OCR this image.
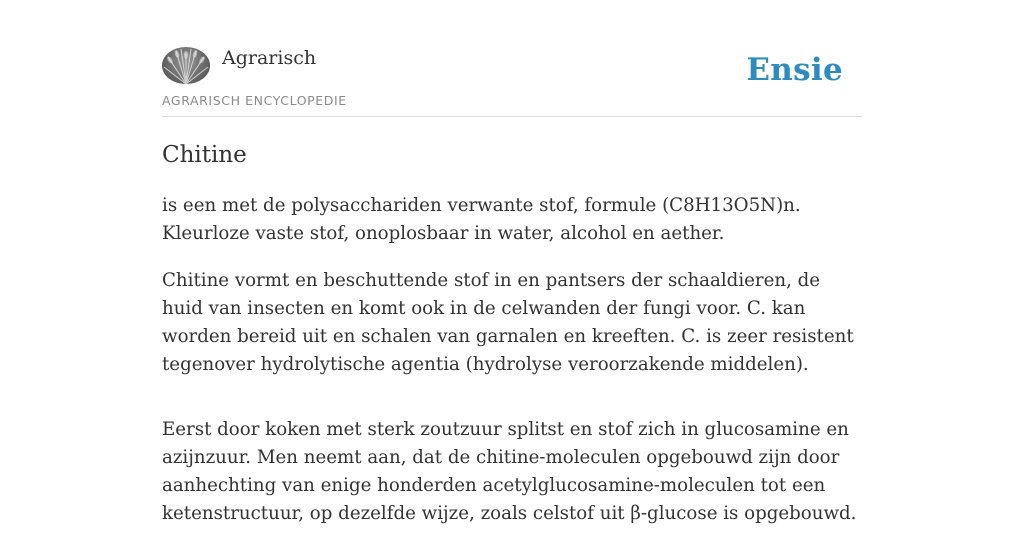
Agrarisch
AGRARISCH ENCYCLOPEDIE
Ensie
Chitine

is een met de polysacchariden verwante stof, formule (C8H13O5N)n. Kleurloze vaste stof, onoplosbaar in water, alcohol en aether.

Chitine vormt en beschuttende stof in en pantsers der schaaldieren, de huid van insecten en komt ook in de celwanden der fungi voor. C. kan worden bereid uit en schalen van garnalen en kreeften. C. is zeer resistent tegenover hydrolytische agentia (hydrolyse veroorzakende middelen).

Eerst door koken met sterk zoutzuur splitst en stof zich in glucosamine en azijnzuur. Men neemt aan, dat de chitine-moleculen opgebouwd zijn door aanhechting van enige honderden acetylglucosamine-moleculen tot een ketenstructuur, op dezelfde wijze, zoals celstof uit β-glucose is opgebouwd.
